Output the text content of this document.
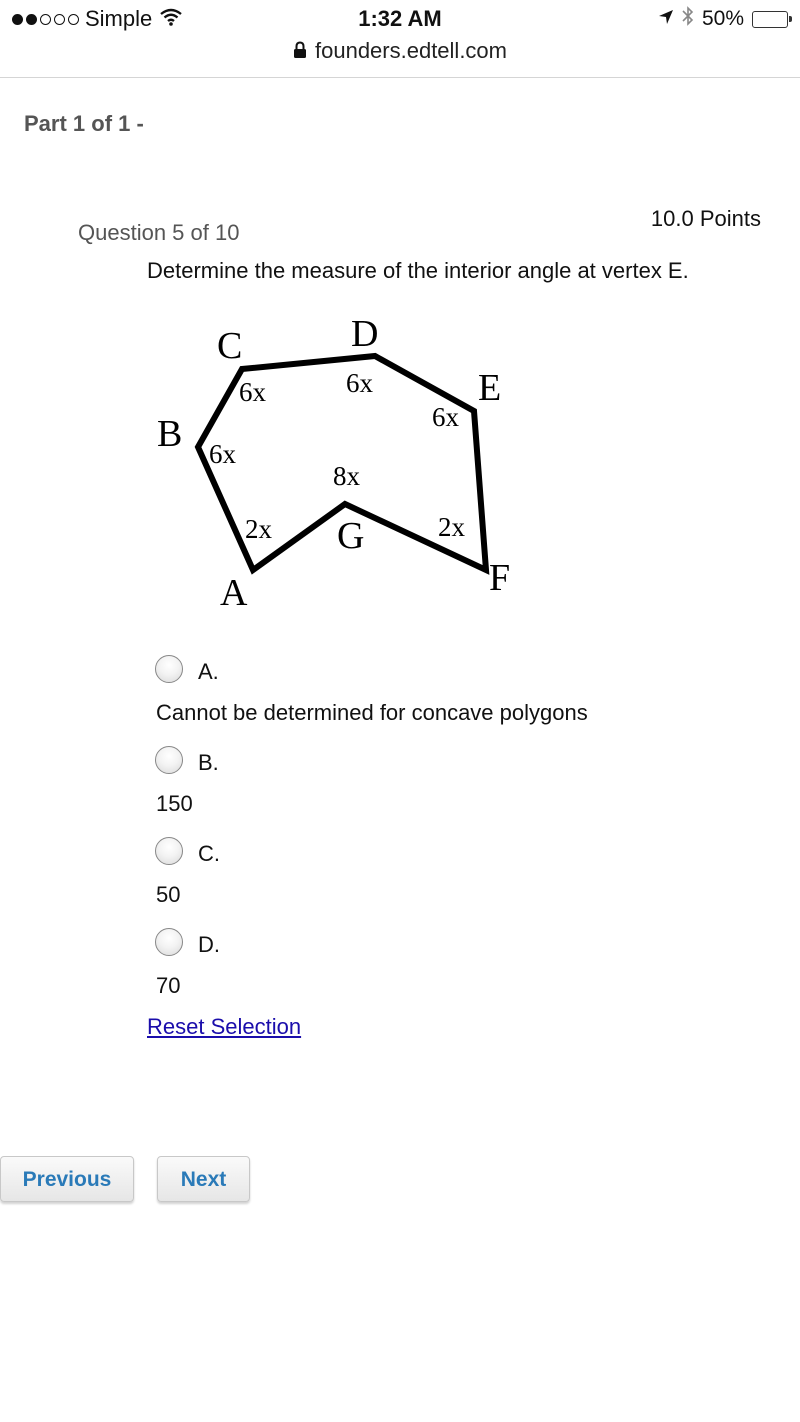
Simple	1:32 AM	50%
founders.edtell.com
Part 1 of 1 -
10.0 Points
Question 5 of 10
Determine the measure of the interior angle at vertex E.
A
B
C	D
E
F
G
2x
6x
6x	6x
6x
2x
8x
A.
Cannot be determined for concave polygons
B.
150
C.
50
D.
70
Reset Selection
Previous	Next
